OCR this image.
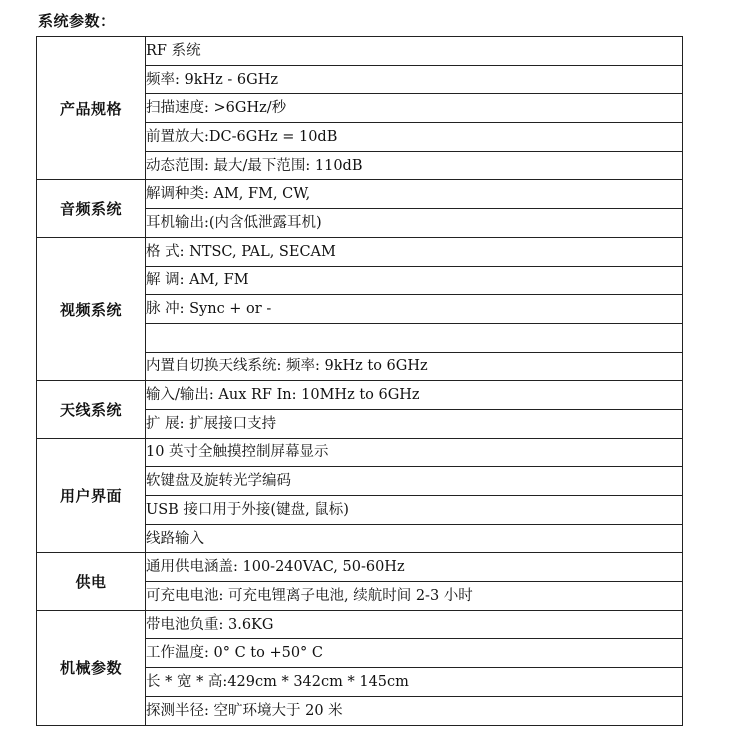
系统参数：
产品规格	RF 系统
	频率: 9kHz - 6GHz
	扫描速度: >6GHz/秒
	前置放大:DC-6GHz = 10dB
	动态范围: 最大/最下范围: 110dB
音频系统	解调种类: AM, FM, CW,
	耳机输出:(内含低泄露耳机)
视频系统	格 式: NTSC, PAL, SECAM
	解 调: AM, FM
	脉 冲: Sync + or -

	内置自切换天线系统: 频率: 9kHz to 6GHz
天线系统	输入/输出: Aux RF In: 10MHz to 6GHz
	扩 展: 扩展接口支持
用户界面	10 英寸全触摸控制屏幕显示
	软键盘及旋转光学编码
	USB 接口用于外接(键盘, 鼠标)
	线路输入
供电	通用供电涵盖: 100-240VAC, 50-60Hz
	可充电电池: 可充电锂离子电池, 续航时间 2-3 小时
机械参数	带电池负重: 3.6KG
	工作温度: 0° C to +50° C
	长 * 宽 * 高:429cm * 342cm * 145cm
	探测半径: 空旷环境大于 20 米
